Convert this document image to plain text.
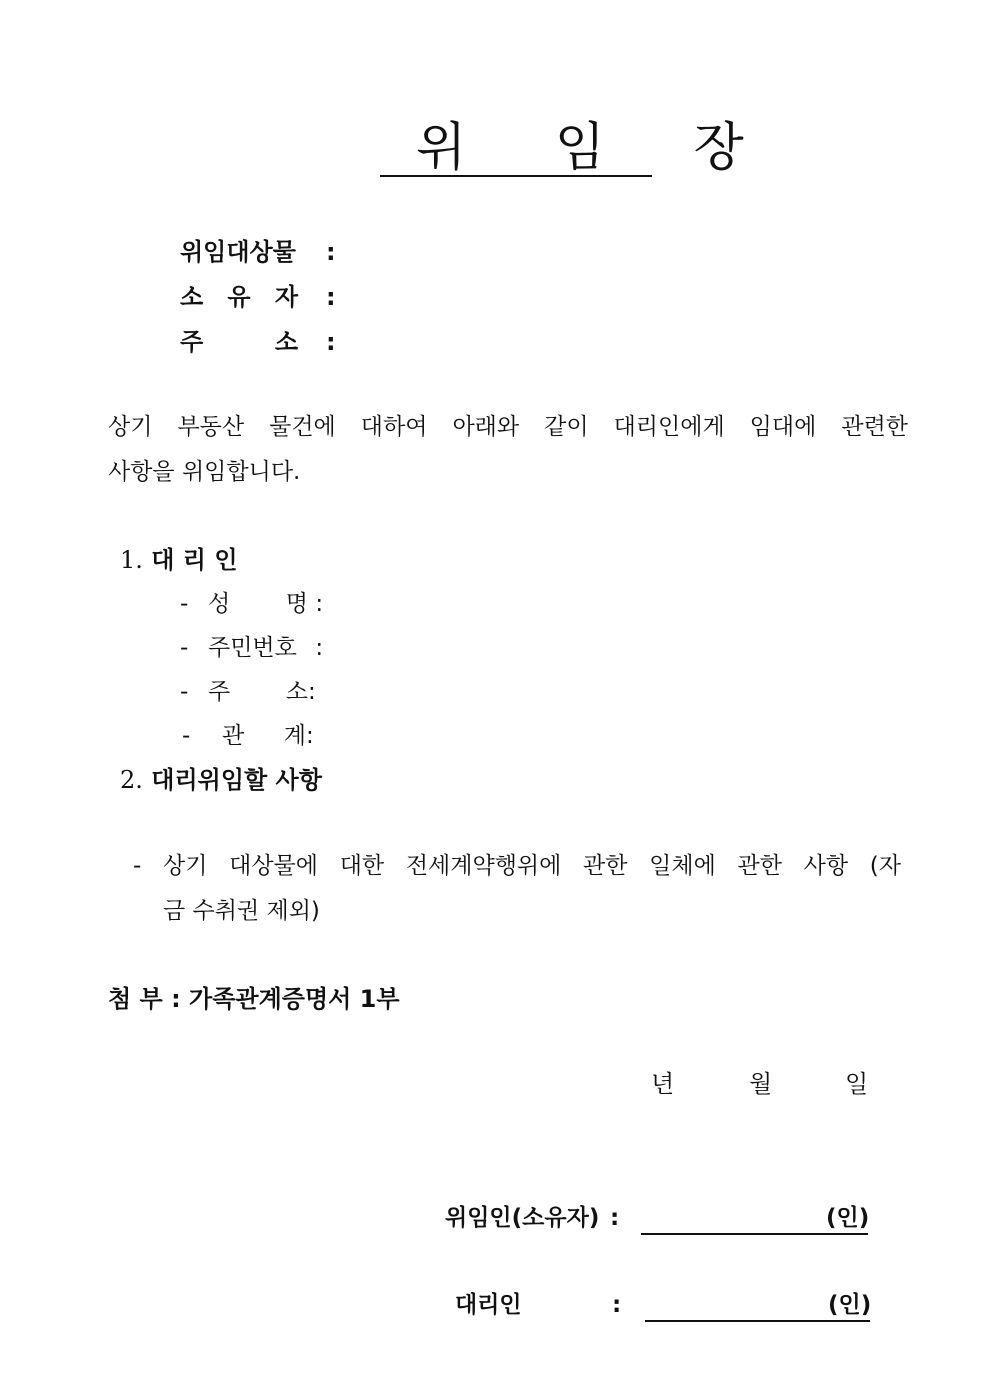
위 임 장
위임대상물 :
소 유 자 :
주	소 :
상기 부동산 물건에 대하여 아래와 같이 대리인에게 임대에 관련한
사항을 위임합니다.
1. 대 리 인
- 성 명 :
- 주민번호 :
- 주 소 :
- 관 계 :
2. 대리위임할 사항
- 상기 대상물에 대한 전세계약행위에 관한 일체에 관한 사항 (자
금 수취권 제외)
첨 부 : 가족관계증명서 1부
년	월	일
위임인(소유자) :	(인)
대리인	:	(인)
